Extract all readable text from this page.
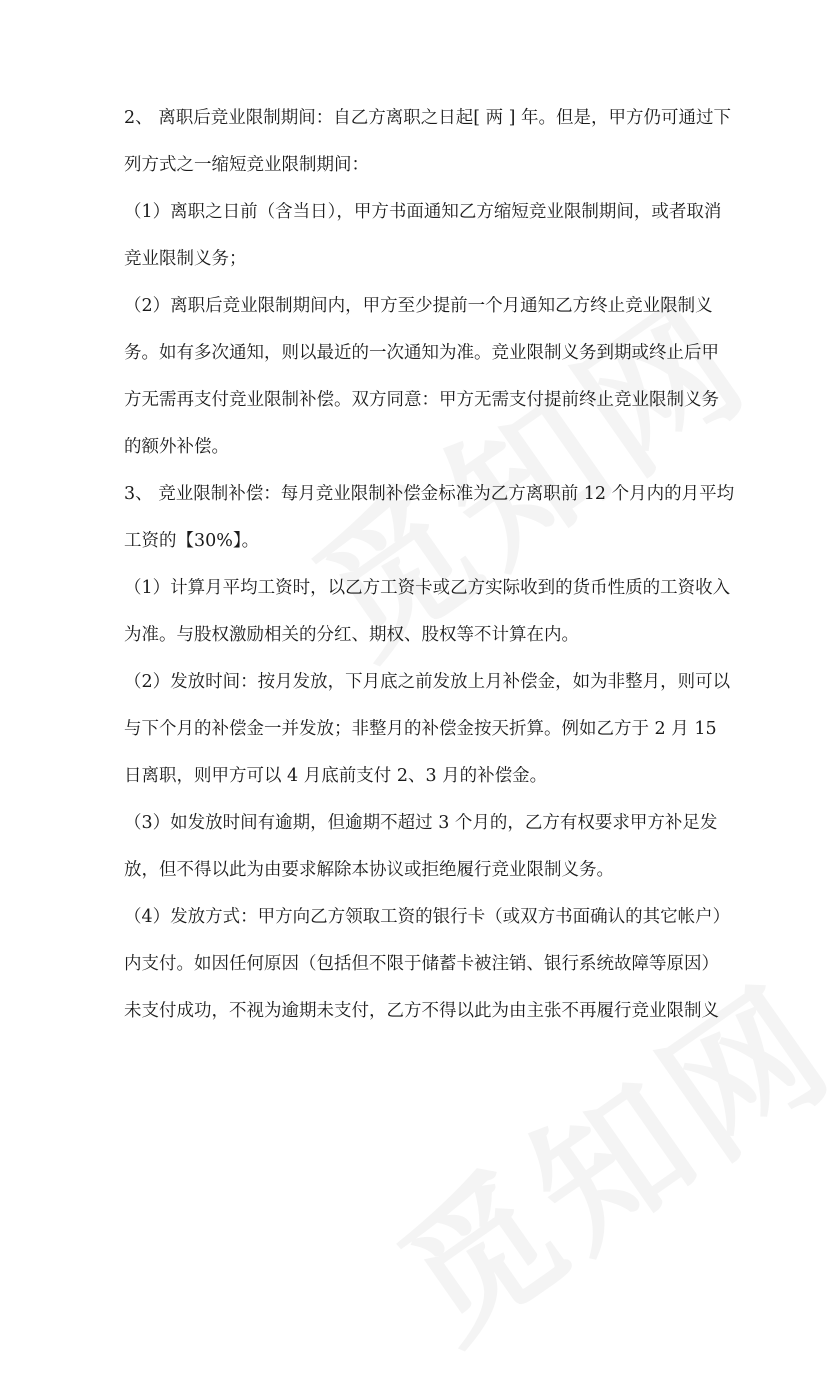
2、 离职后竞业限制期间：自乙方离职之日起[ 两 ] 年。但是，甲方仍可通过下
列方式之一缩短竞业限制期间：
（1）离职之日前（含当日），甲方书面通知乙方缩短竞业限制期间，或者取消
竞业限制义务；
（2）离职后竞业限制期间内，甲方至少提前一个月通知乙方终止竞业限制义
务。如有多次通知，则以最近的一次通知为准。竞业限制义务到期或终止后甲
方无需再支付竞业限制补偿。双方同意：甲方无需支付提前终止竞业限制义务
的额外补偿。
3、 竞业限制补偿：每月竞业限制补偿金标准为乙方离职前 12 个月内的月平均
工资的【30%】。
（1）计算月平均工资时，以乙方工资卡或乙方实际收到的货币性质的工资收入
为准。与股权激励相关的分红、期权、股权等不计算在内。
（2）发放时间：按月发放，下月底之前发放上月补偿金，如为非整月，则可以
与下个月的补偿金一并发放；非整月的补偿金按天折算。例如乙方于 2 月 15
日离职，则甲方可以 4 月底前支付 2、3 月的补偿金。
（3）如发放时间有逾期，但逾期不超过 3 个月的，乙方有权要求甲方补足发
放，但不得以此为由要求解除本协议或拒绝履行竞业限制义务。
（4）发放方式：甲方向乙方领取工资的银行卡（或双方书面确认的其它帐户）
内支付。如因任何原因（包括但不限于储蓄卡被注销、银行系统故障等原因）
未支付成功，不视为逾期未支付，乙方不得以此为由主张不再履行竞业限制义
